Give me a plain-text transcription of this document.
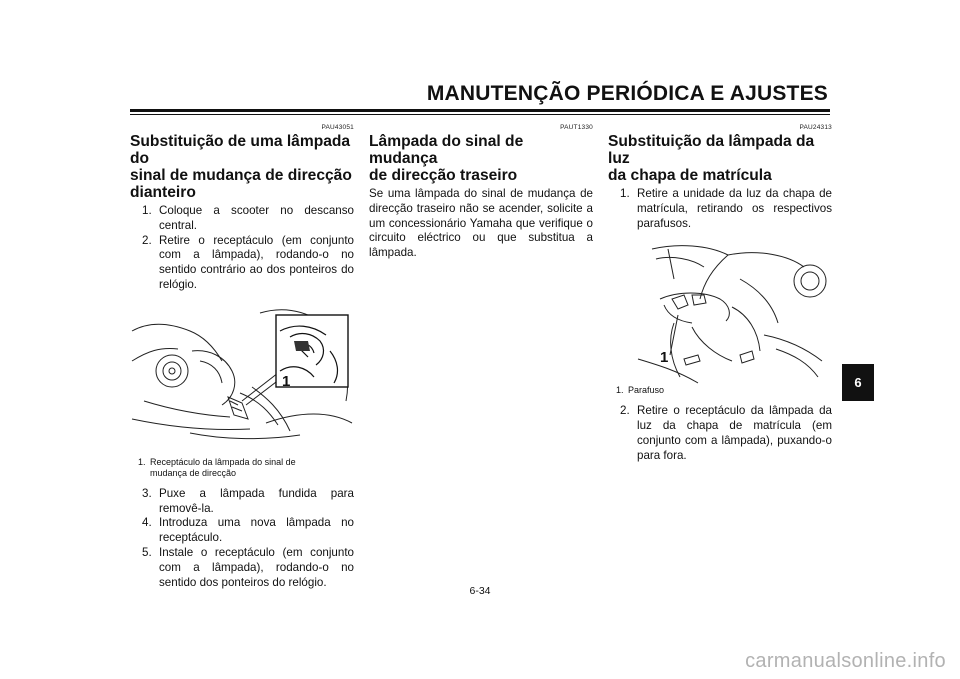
MANUTENÇÃO PERIÓDICA E AJUSTES
PAU43051
Substituição de uma lâmpada do
sinal de mudança de direcção
dianteiro
1. Coloque a scooter no descanso central.
2. Retire o receptáculo (em conjunto com a lâmpada), rodando-o no sentido contrário ao dos ponteiros do relógio.
1
1. Receptáculo da lâmpada do sinal de
mudança de direcção
3. Puxe a lâmpada fundida para removê-la.
4. Introduza uma nova lâmpada no receptáculo.
5. Instale o receptáculo (em conjunto com a lâmpada), rodando-o no sentido dos ponteiros do relógio.
PAUT1330
Lâmpada do sinal de mudança
de direcção traseiro

Se uma lâmpada do sinal de mudança de direcção traseiro não se acender, solicite a um concessionário Yamaha que verifique o circuito eléctrico ou que substitua a lâmpada.

PAU24313
Substituição da lâmpada da luz
da chapa de matrícula
1. Retire a unidade da luz da chapa de matrícula, retirando os respectivos parafusos.
1
1. Parafuso
2. Retire o receptáculo da lâmpada da luz da chapa de matrícula (em conjunto com a lâmpada), puxando-o para fora.
6
6-34
carmanualsonline.info
